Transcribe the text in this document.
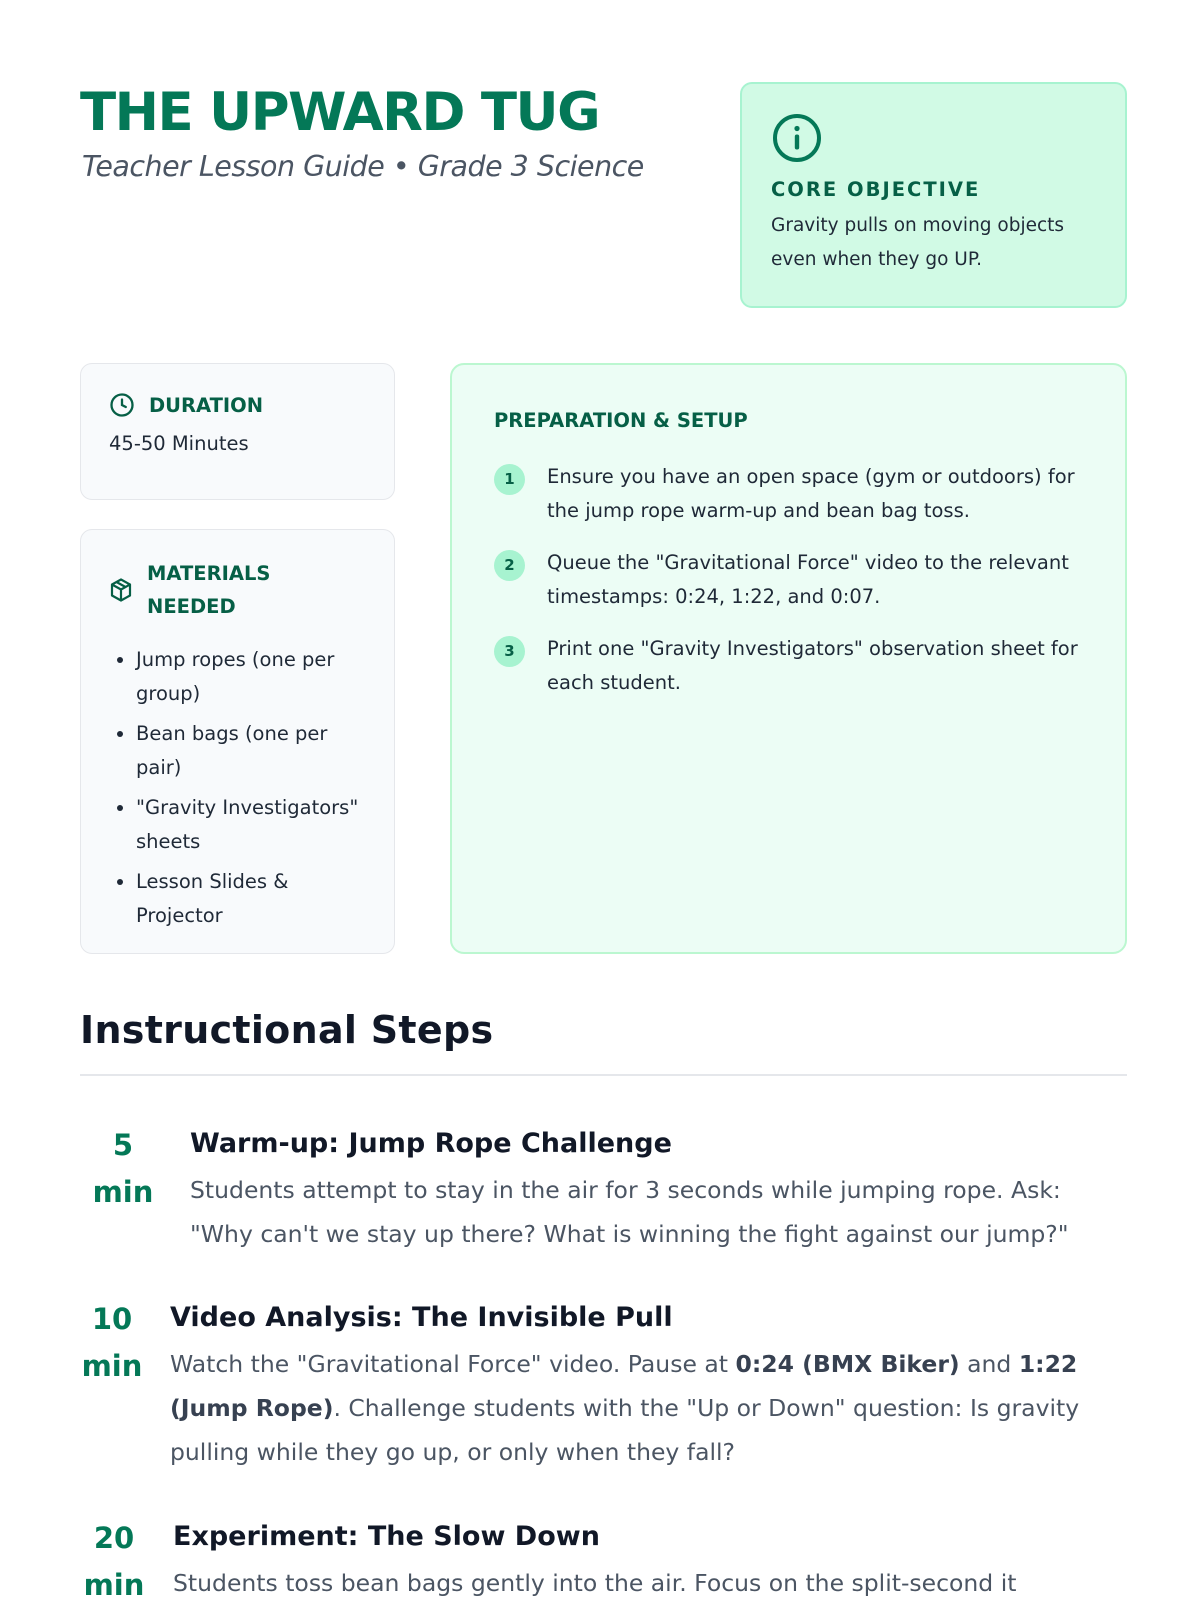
THE UPWARD TUG

Teacher Lesson Guide • Grade 3 Science

CORE OBJECTIVE
Gravity pulls on moving objects even when they go UP.
DURATION
45-50 Minutes
MATERIALS NEEDED
• Jump ropes (one per group)
• Bean bags (one per pair)
• "Gravity Investigators" sheets
• Lesson Slides & Projector
PREPARATION & SETUP
1	Ensure you have an open space (gym or outdoors) for the jump rope warm-up and bean bag toss.
2	Queue the "Gravitational Force" video to the relevant timestamps: 0:24, 1:22, and 0:07.
3	Print one "Gravity Investigators" observation sheet for each student.
Instructional Steps
5
min
Warm-up: Jump Rope Challenge
Students attempt to stay in the air for 3 seconds while jumping rope. Ask: "Why can't we stay up there? What is winning the fight against our jump?"
10
min
Video Analysis: The Invisible Pull
Watch the "Gravitational Force" video. Pause at 0:24 (BMX Biker) and 1:22 (Jump Rope). Challenge students with the "Up or Down" question: Is gravity pulling while they go up, or only when they fall?
20
min
Experiment: The Slow Down
Students toss bean bags gently into the air. Focus on the split-second it
